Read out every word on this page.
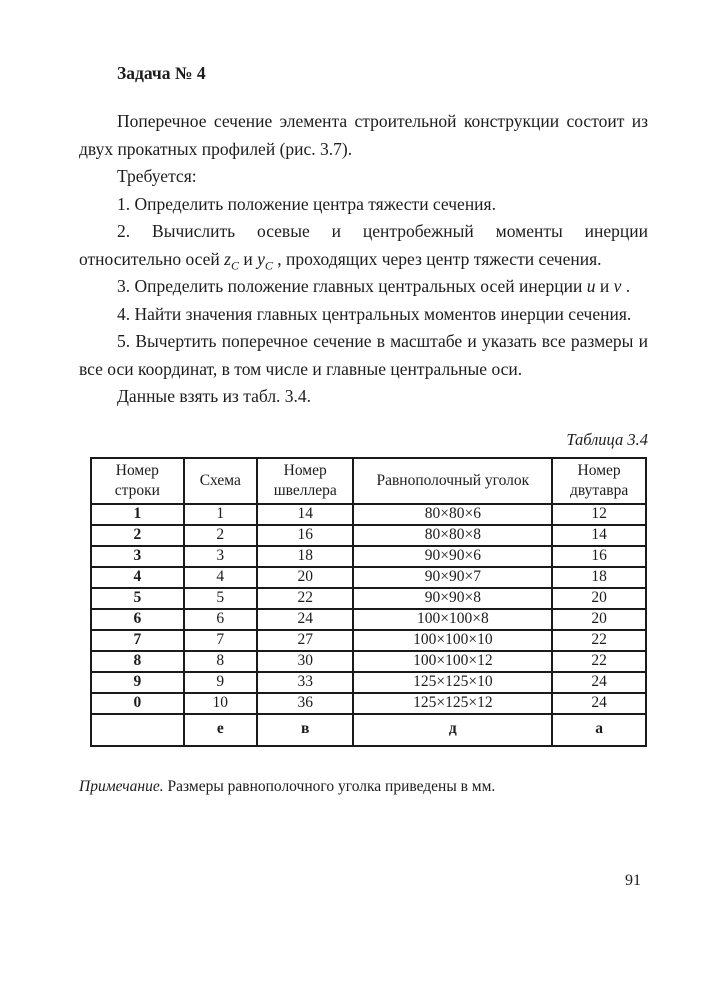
Задача № 4

Поперечное сечение элемента строительной конструкции состоит из двух прокатных профилей (рис. 3.7).

Требуется:

1. Определить положение центра тяжести сечения.

2. Вычислить осевые и центробежный моменты инерции относительно осей $z_C$ и $y_C$ , проходящих через центр тяжести сечения.

3. Определить положение главных центральных осей инерции u и v .

4. Найти значения главных центральных моментов инерции сечения.

5. Вычертить поперечное сечение в масштабе и указать все размеры и все оси координат, в том числе и главные центральные оси.

Данные взять из табл. 3.4.

Таблица 3.4

Номер строки	Схема	Номер швеллера	Равнополочный уголок	Номер двутавра
1	1	14	80×80×6	12
2	2	16	80×80×8	14
3	3	18	90×90×6	16
4	4	20	90×90×7	18
5	5	22	90×90×8	20
6	6	24	100×100×8	20
7	7	27	100×100×10	22
8	8	30	100×100×12	22
9	9	33	125×125×10	24
0	10	36	125×125×12	24
	е	в	д	а

Примечание. Размеры равнополочного уголка приведены в мм.

91
